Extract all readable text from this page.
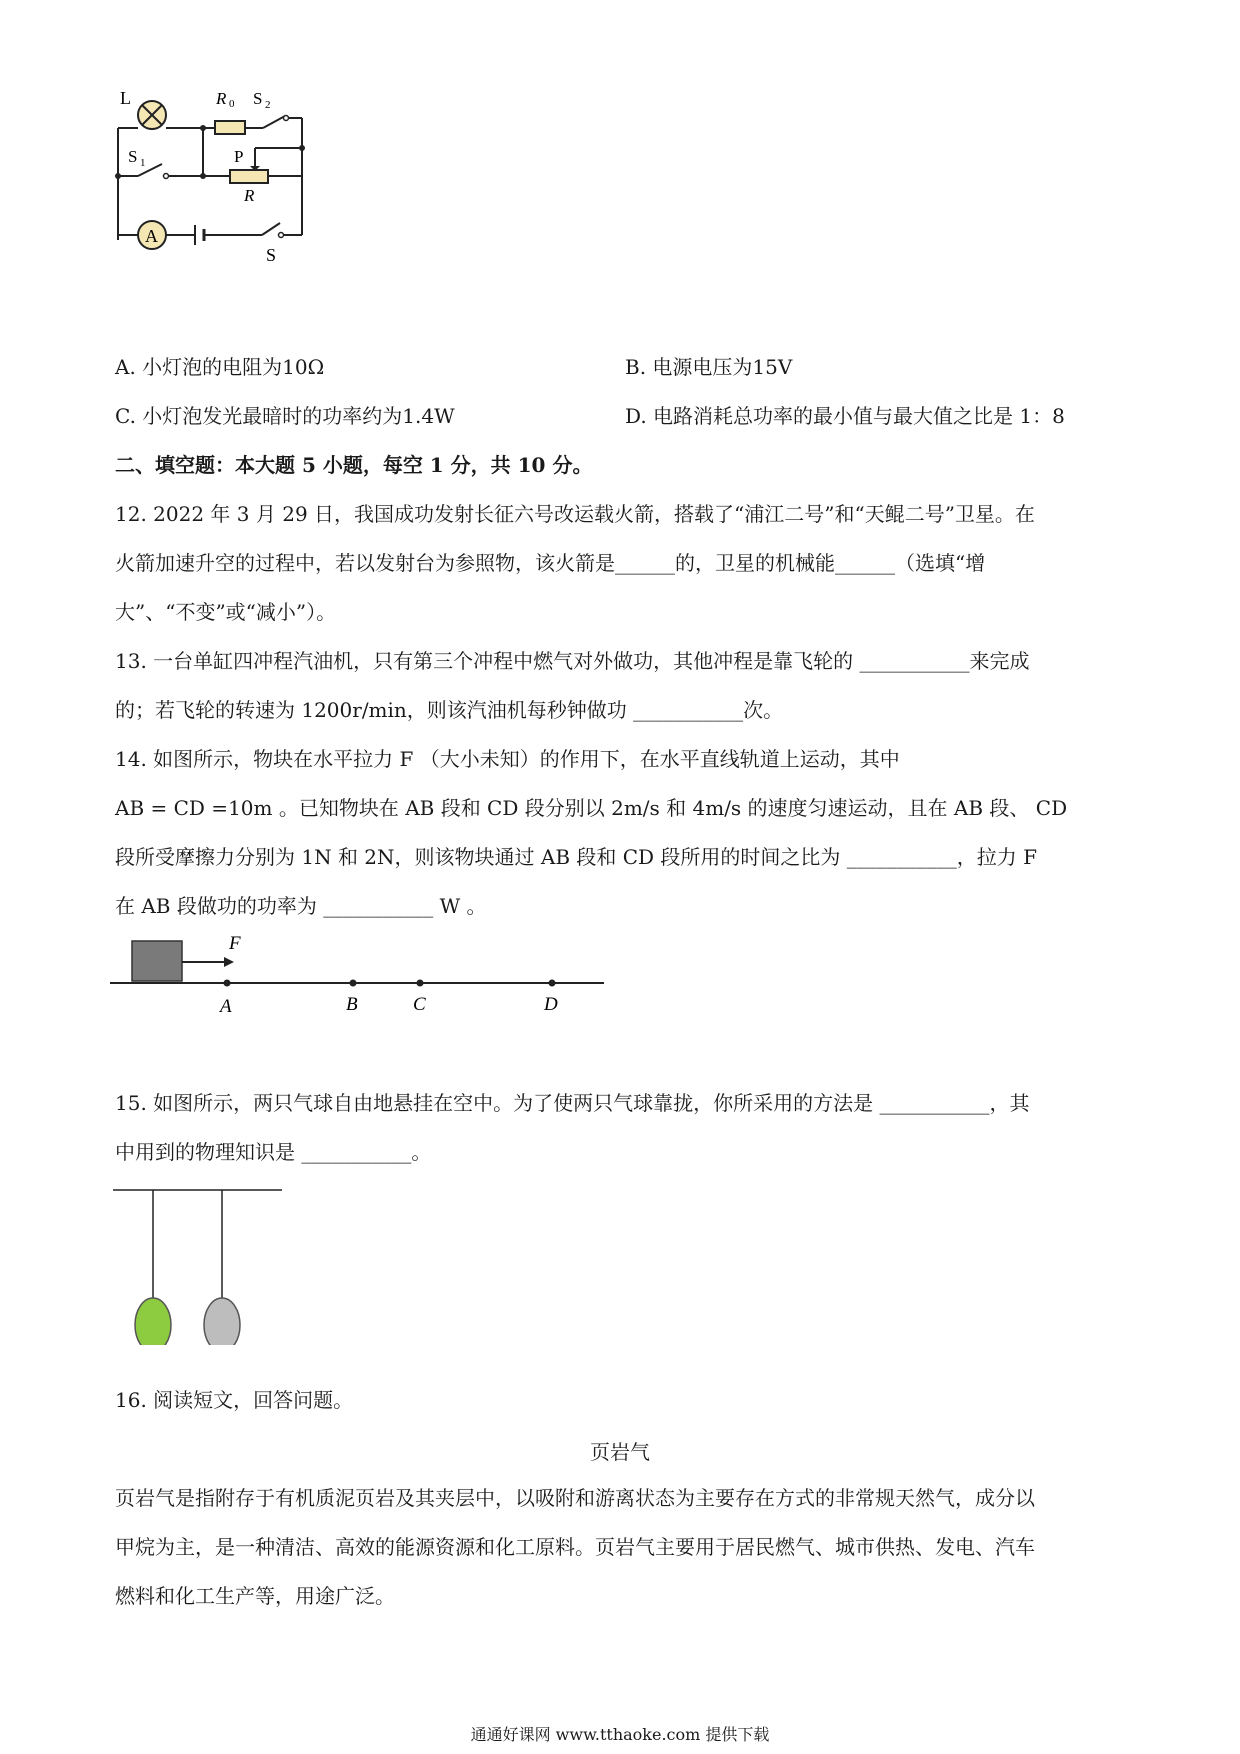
L	R 0 S 2
S 1	P
R
A
S
A. 小灯泡的电阻为10Ω	B. 电源电压为15V
C. 小灯泡发光最暗时的功率约为1.4W	D. 电路消耗总功率的最小值与最大值之比是 1：8
二、填空题：本大题 5 小题，每空 1 分，共 10 分。
12. 2022 年 3 月 29 日，我国成功发射长征六号改运载火箭，搭载了“浦江二号”和“天鲲二号”卫星。在
火箭加速升空的过程中，若以发射台为参照物，该火箭是______的，卫星的机械能______（选填“增
大”、“不变”或“减小”）。
13. 一台单缸四冲程汽油机，只有第三个冲程中燃气对外做功，其他冲程是靠飞轮的 ___________来完成
的；若飞轮的转速为 1200r/min，则该汽油机每秒钟做功 ___________次。
14. 如图所示，物块在水平拉力 F （大小未知）的作用下，在水平直线轨道上运动，其中
AB = CD =10m 。已知物块在 AB 段和 CD 段分别以 2m/s 和 4m/s 的速度匀速运动，且在 AB 段、 CD
段所受摩擦力分别为 1N 和 2N，则该物块通过 AB 段和 CD 段所用的时间之比为 ___________，拉力 F
在 AB 段做功的功率为 ___________ W 。
F
A	B	C	D
15. 如图所示，两只气球自由地悬挂在空中。为了使两只气球靠拢，你所采用的方法是 ___________，其
中用到的物理知识是 ___________。
16. 阅读短文，回答问题。
页岩气
页岩气是指附存于有机质泥页岩及其夹层中，以吸附和游离状态为主要存在方式的非常规天然气，成分以
甲烷为主，是一种清洁、高效的能源资源和化工原料。页岩气主要用于居民燃气、城市供热、发电、汽车
燃料和化工生产等，用途广泛。
通通好课网 www.tthaoke.com 提供下载
